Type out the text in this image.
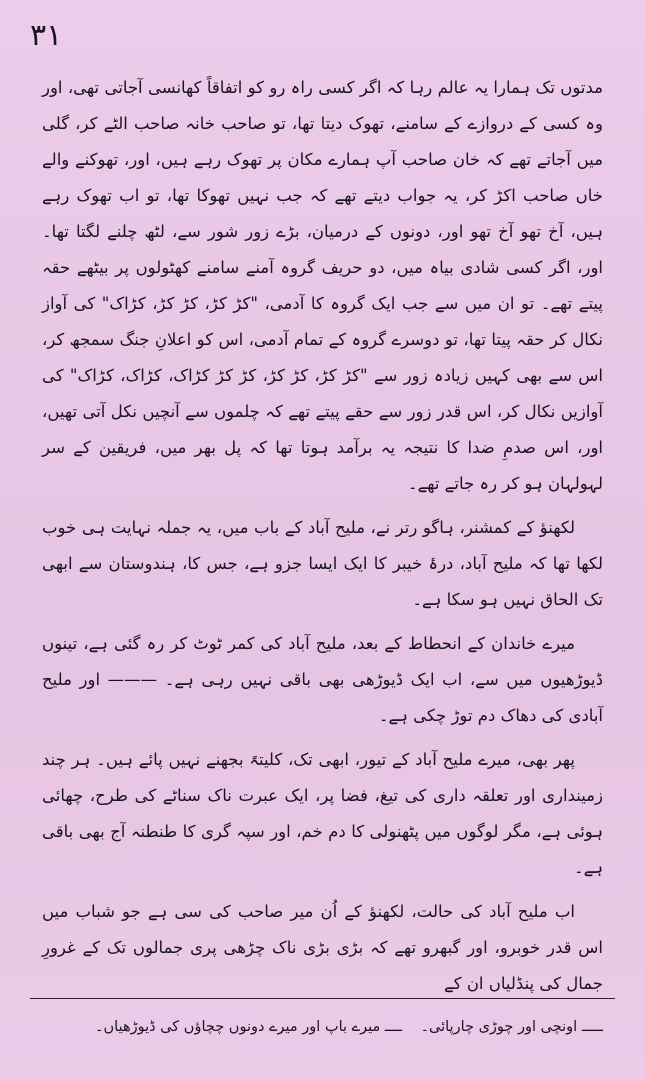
۳۱

مدتوں تک ہمارا یہ عالم رہا کہ اگر کسی راہ رو کو اتفاقاً کھانسی آجاتی تھی، اور وہ کسی کے دروازے کے سامنے، تھوک دیتا تھا، تو صاحب خانہ صاحب الٹے کر، گلی میں آجاتے تھے کہ خان صاحب آپ ہمارے مکان پر تھوک رہے ہیں، اور، تھوکنے والے خاں صاحب اکڑ کر، یہ جواب دیتے تھے کہ جب نہیں تھوکا تھا، تو اب تھوک رہے ہیں، آخ تھو آخ تھو اور، دونوں کے درمیان، بڑے زور شور سے، لٹھ چلنے لگتا تھا۔ اور، اگر کسی شادی بیاہ میں، دو حریف گروہ آمنے سامنے کھٹولوں پر بیٹھے حقہ پیتے تھے۔ تو ان میں سے جب ایک گروہ کا آدمی، "کڑ کڑ، کڑ کڑ، کڑاک" کی آواز نکال کر حقہ پیتا تھا، تو دوسرے گروہ کے تمام آدمی، اس کو اعلانِ جنگ سمجھ کر، اس سے بھی کہیں زیادہ زور سے "کڑ کڑ، کڑ کڑ، کڑ کڑ کڑاک، کڑاک، کڑاک" کی آوازیں نکال کر، اس قدر زور سے حقے پیتے تھے کہ چلموں سے آنچیں نکل آتی تھیں، اور، اس صدمِ ضدا کا نتیجہ یہ برآمد ہوتا تھا کہ پل بھر میں، فریقین کے سر لہولہان ہو کر رہ جاتے تھے۔

لکھنؤ کے کمشنر، ہاگو رتر نے، ملیح آباد کے باب میں، یہ جملہ نہایت ہی خوب لکھا تھا کہ ملیح آباد، درۂ خیبر کا ایک ایسا جزو ہے، جس کا، ہندوستان سے ابھی تک الحاق نہیں ہو سکا ہے۔

میرے خاندان کے انحطاط کے بعد، ملیح آباد کی کمر ٹوٹ کر رہ گئی ہے، تینوں ڈیوڑھیوں میں سے، اب ایک ڈیوڑھی بھی باقی نہیں رہی ہے۔ ——— اور ملیح آبادی کی دھاک دم توڑ چکی ہے۔

پھر بھی، میرے ملیح آباد کے تیور، ابھی تک، کلیتہً بجھنے نہیں پائے ہیں۔ ہر چند زمینداری اور تعلقہ داری کی تیغ، فضا پر، ایک عبرت ناک سناٹے کی طرح، چھائی ہوئی ہے، مگر لوگوں میں پٹھنولی کا دم خم، اور سپہ گری کا طنطنہ آج بھی باقی ہے۔

اب ملیح آباد کی حالت، لکھنؤ کے اُن میر صاحب کی سی ہے جو شباب میں اس قدر خوبرو، اور گبھرو تھے کہ بڑی بڑی ناک چڑھی پری جمالوں تک کے غرورِ جمال کی پنڈلیاں ان کے

ـــــ اونچی اور چوڑی چارپائی۔ ــــ میرے باپ اور میرے دونوں چچاؤں کی ڈیوڑھیاں۔
